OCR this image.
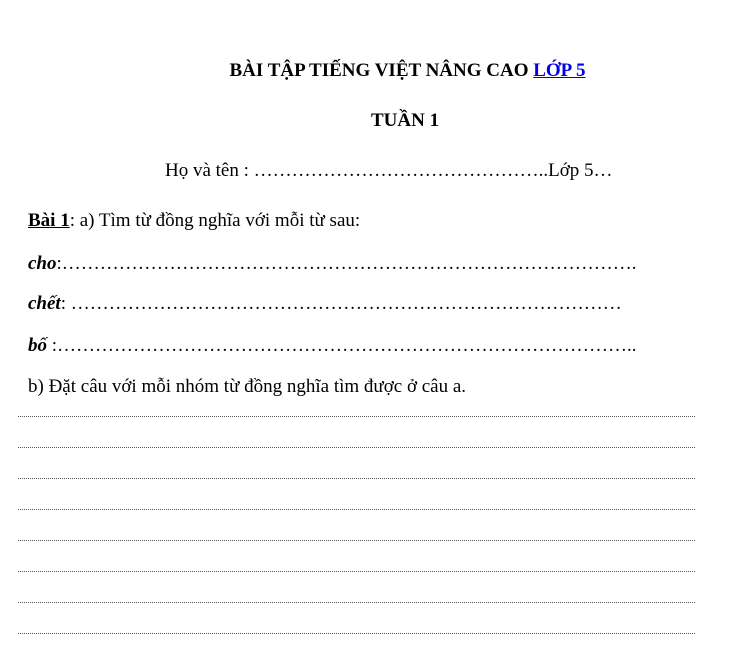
BÀI TẬP TIẾNG VIỆT NÂNG CAO LỚP 5
TUẦN 1
Họ và tên : ………………………………………..Lớp 5…
Bài 1: a) Tìm từ đồng nghĩa với mỗi từ sau:
cho:……………………………………………………………………………….
chết: ……………………………………………………………………………
bố :………………………………………………………………………………..
b) Đặt câu với mỗi nhóm từ đồng nghĩa tìm được ở câu a.
